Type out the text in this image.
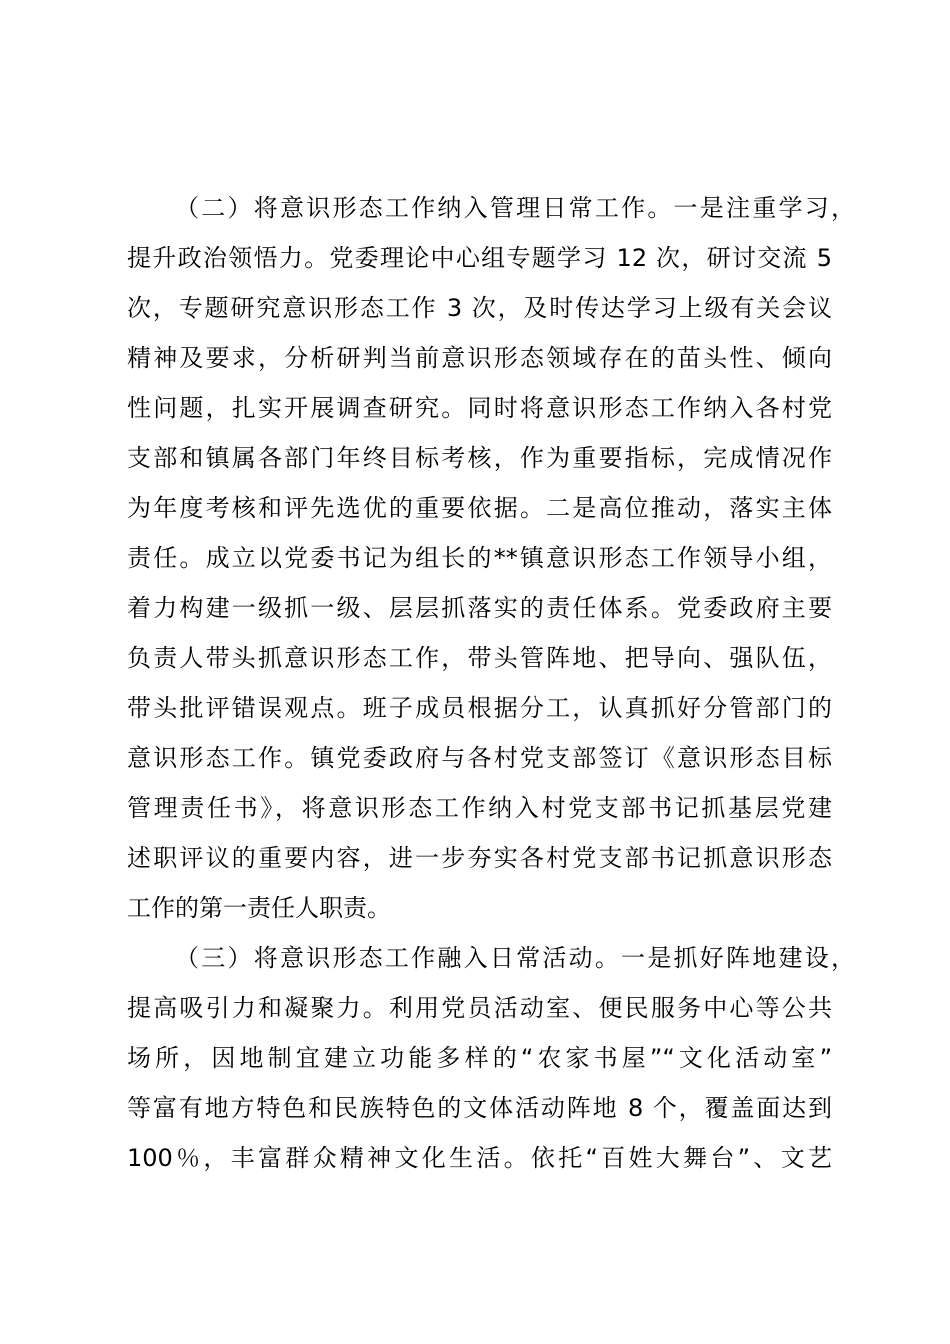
（二）将意识形态工作纳入管理日常工作。一是注重学习，
提升政治领悟力。党委理论中心组专题学习 12 次，研讨交流 5
次，专题研究意识形态工作 3 次，及时传达学习上级有关会议
精神及要求，分析研判当前意识形态领域存在的苗头性、倾向
性问题，扎实开展调查研究。同时将意识形态工作纳入各村党
支部和镇属各部门年终目标考核，作为重要指标，完成情况作
为年度考核和评先选优的重要依据。二是高位推动，落实主体
责任。成立以党委书记为组长的**镇意识形态工作领导小组，
着力构建一级抓一级、层层抓落实的责任体系。党委政府主要
负责人带头抓意识形态工作，带头管阵地、把导向、强队伍，
带头批评错误观点。班子成员根据分工，认真抓好分管部门的
意识形态工作。镇党委政府与各村党支部签订《意识形态目标
管理责任书》，将意识形态工作纳入村党支部书记抓基层党建
述职评议的重要内容，进一步夯实各村党支部书记抓意识形态
工作的第一责任人职责。
（三）将意识形态工作融入日常活动。一是抓好阵地建设，
提高吸引力和凝聚力。利用党员活动室、便民服务中心等公共
场所，因地制宜建立功能多样的“农家书屋”“文化活动室”
等富有地方特色和民族特色的文体活动阵地 8 个，覆盖面达到
100％，丰富群众精神文化生活。依托“百姓大舞台”、文艺
